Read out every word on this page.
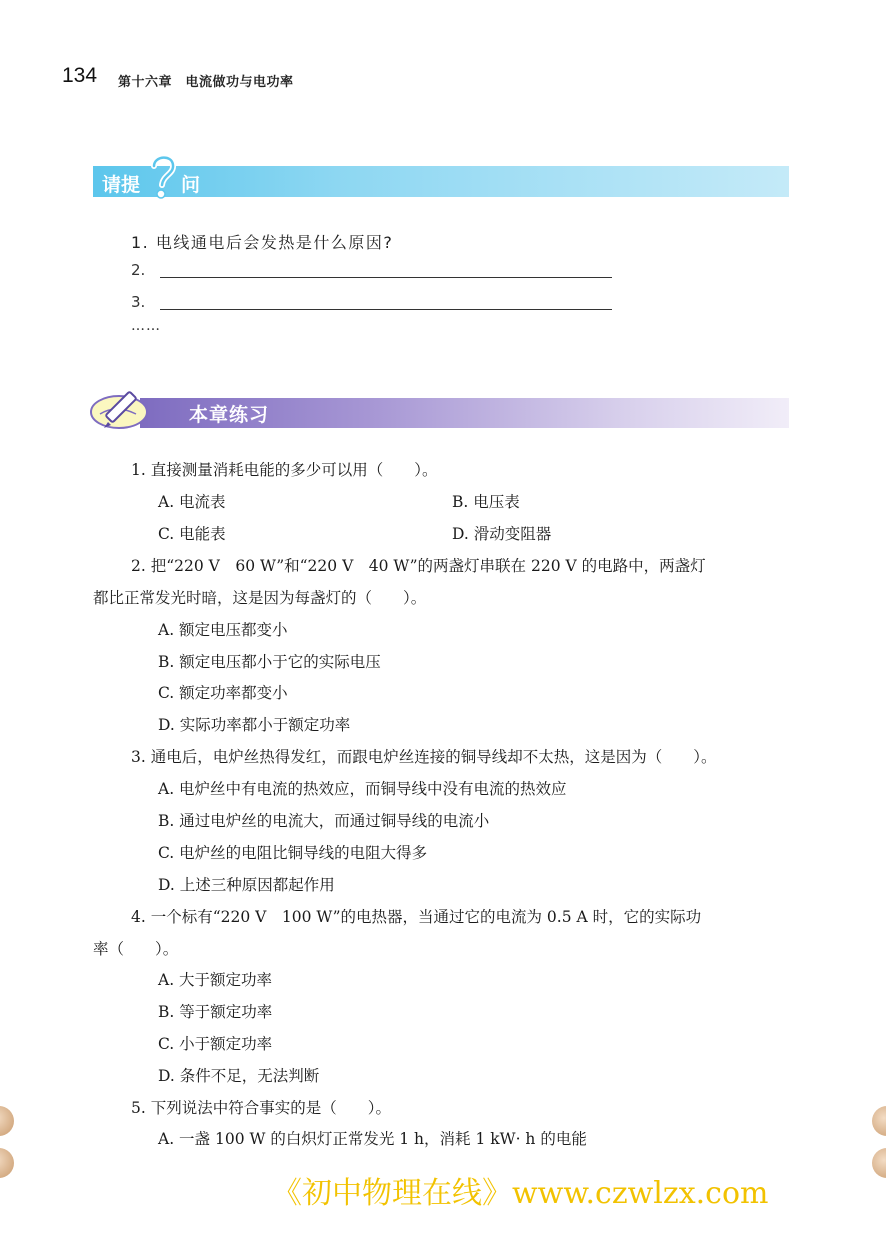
134 第十六章　电流做功与电功率
请提 问
1. 电线通电后会发热是什么原因?
2.
3.
……
本章练习
1. 直接测量消耗电能的多少可以用（　　）。
A. 电流表	B. 电压表
C. 电能表	D. 滑动变阻器
2. 把“220 V　60 W”和“220 V　40 W”的两盏灯串联在 220 V 的电路中，两盏灯
都比正常发光时暗，这是因为每盏灯的（　　）。
A. 额定电压都变小
B. 额定电压都小于它的实际电压
C. 额定功率都变小
D. 实际功率都小于额定功率
3. 通电后，电炉丝热得发红，而跟电炉丝连接的铜导线却不太热，这是因为（　　）。
A. 电炉丝中有电流的热效应，而铜导线中没有电流的热效应
B. 通过电炉丝的电流大，而通过铜导线的电流小
C. 电炉丝的电阻比铜导线的电阻大得多
D. 上述三种原因都起作用
4. 一个标有“220 V　100 W”的电热器，当通过它的电流为 0.5 A 时，它的实际功
率（　　）。
A. 大于额定功率
B. 等于额定功率
C. 小于额定功率
D. 条件不足，无法判断
5. 下列说法中符合事实的是（　　）。
A. 一盏 100 W 的白炽灯正常发光 1 h，消耗 1 kW· h 的电能
《初中物理在线》www.czwlzx.com
